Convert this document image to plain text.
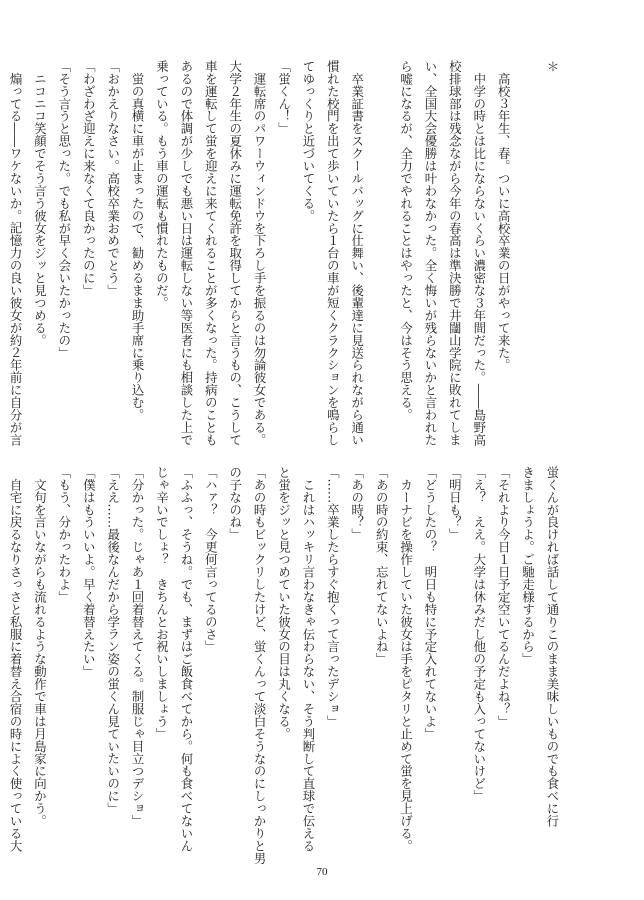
＊

　高校３年生、春。ついに高校卒業の日がやって来た。
　中学の時とは比にならないくらい濃密な３年間だった。――島野高
校排球部は残念ながら今年の春高は準決勝で井闥山学院に敗れてしま
い、全国大会優勝は叶わなかった。全く悔いが残らないかと言われた
ら嘘になるが、全力でやれることはやったと、今はそう思える。

　卒業証書をスクールバッグに仕舞い、後輩達に見送られながら通い
慣れた校門を出て歩いていたら１台の車が短くクラクションを鳴らし
てゆっくりと近づいてくる。
「蛍くん！」
　運転席のパワーウィンドウを下ろし手を振るのは勿論彼女である。
大学２年生の夏休みに運転免許を取得してからと言うもの、こうして
車を運転して蛍を迎えに来てくれることが多くなった。持病のことも
あるので体調が少しでも悪い日は運転しない等医者にも相談した上で
乗っている。もう車の運転も慣れたものだ。
　蛍の真横に車が止まったので、勧めるまま助手席に乗り込む。
「おかえりなさい。高校卒業おめでとう」
「わざわざ迎えに来なくて良かったのに」
「そう言うと思った。でも私が早く会いたかったの」
　ニコニコ笑顔でそう言う彼女をジッと見つめる。
　煽ってる――ワケないか。記憶力の良い彼女が約２年前に自分が言
蛍くんが良ければ話して通りこのまま美味しいものでも食べに行
きましょうよ。ご馳走様するから」
「それより今日１日予定空いてるんだよね？」
「え？　ええ。大学は休みだし他の予定も入ってないけど」
「明日も？」
「どうしたの？　明日も特に予定入れてないよ」
　カーナビを操作していた彼女は手をピタリと止めて蛍を見上げる。
「あの時の約束、忘れてないよね」
「あの時？」
「……卒業したらすぐ抱くって言ったデショ」
　これはハッキリ言わなきゃ伝わらない、そう判断して直球で伝える
と蛍をジッと見つめていた彼女の目は丸くなる。
「あの時もビックリしたけど、蛍くんって淡白そうなのにしっかりと男
の子なのね」
「ハァ？　今更何言ってるのさ」
「ふふっ、そうね。でも、まずはご飯食べてから。何も食べてないん
じゃ辛いでしょ？　きちんとお祝いしましょう」
「分かった。じゃあ１回着替えてくる。制服じゃ目立つデショ」
「ええ……最後なんだから学ラン姿の蛍くん見ていたいのに」
「僕はもういいよ。早く着替えたい」
「もう、分かったわよ」
　文句を言いながらも流れるような動作で車は月島家に向かう。
　自宅に戻るなりさっさと私服に着替え合宿の時によく使っている大
70
